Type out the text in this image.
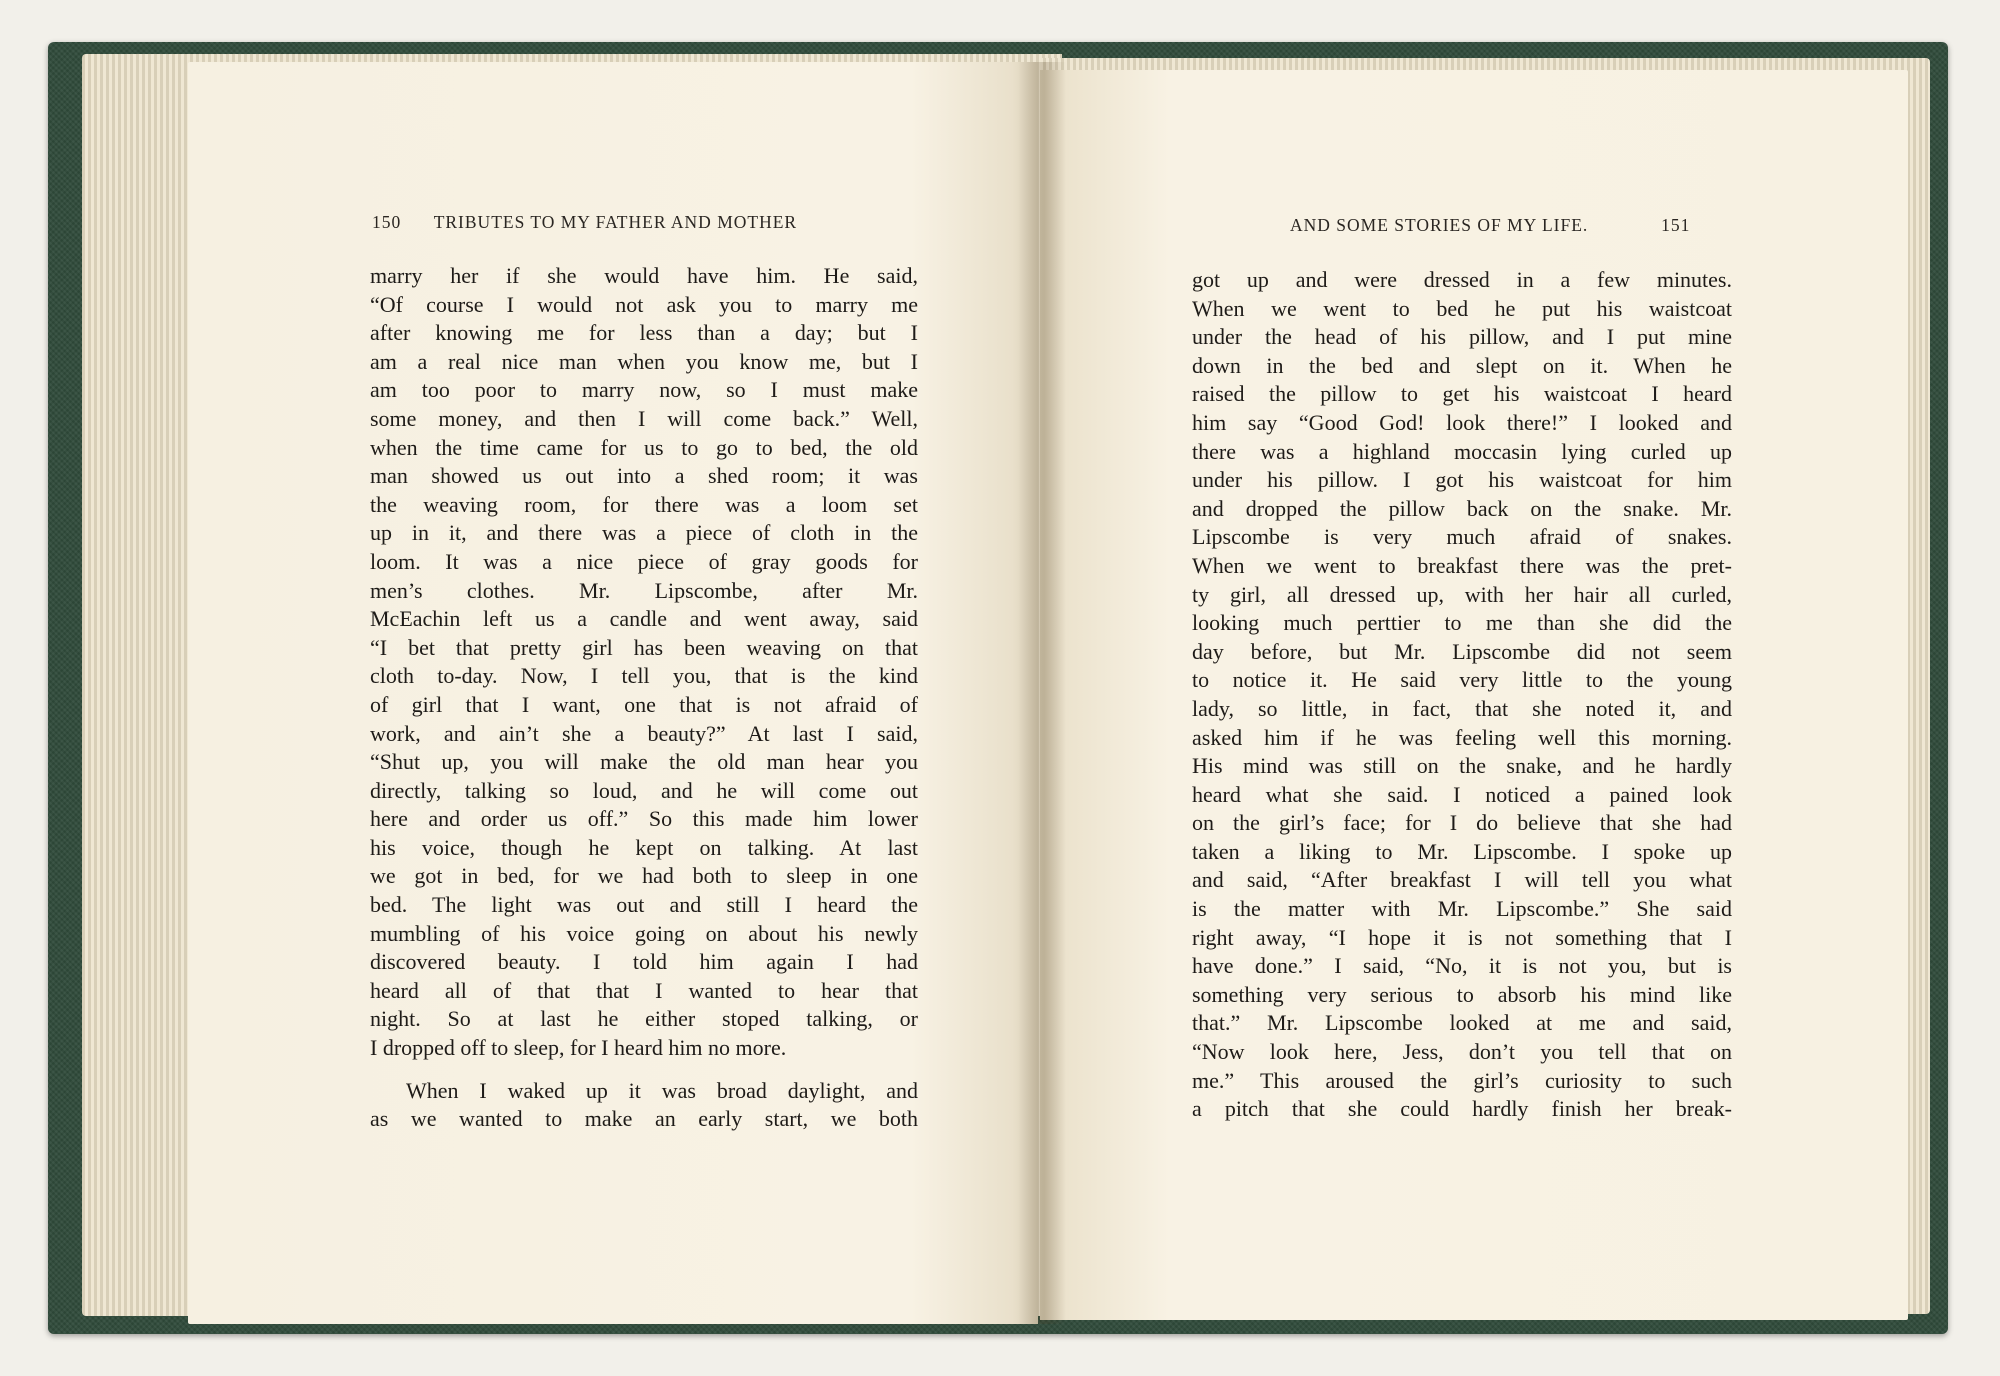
150 TRIBUTES TO MY FATHER AND MOTHER	AND SOME STORIES OF MY LIFE.	151
marry her if she would have him. He said,
“Of course I would not ask you to marry me
after knowing me for less than a day; but I
am a real nice man when you know me, but I
am too poor to marry now, so I must make
some money, and then I will come back.” Well,
when the time came for us to go to bed, the old
man showed us out into a shed room; it was
the weaving room, for there was a loom set
up in it, and there was a piece of cloth in the
loom. It was a nice piece of gray goods for
men’s clothes. Mr. Lipscombe, after Mr.
McEachin left us a candle and went away, said
“I bet that pretty girl has been weaving on that
cloth to-day. Now, I tell you, that is the kind
of girl that I want, one that is not afraid of
work, and ain’t she a beauty?” At last I said,
“Shut up, you will make the old man hear you
directly, talking so loud, and he will come out
here and order us off.” So this made him lower
his voice, though he kept on talking. At last
we got in bed, for we had both to sleep in one
bed. The light was out and still I heard the
mumbling of his voice going on about his newly
discovered beauty. I told him again I had
heard all of that that I wanted to hear that
night. So at last he either stoped talking, or
I dropped off to sleep, for I heard him no more.
When I waked up it was broad daylight, and
as we wanted to make an early start, we both
got up and were dressed in a few minutes.
When we went to bed he put his waistcoat
under the head of his pillow, and I put mine
down in the bed and slept on it. When he
raised the pillow to get his waistcoat I heard
him say “Good God! look there!” I looked and
there was a highland moccasin lying curled up
under his pillow. I got his waistcoat for him
and dropped the pillow back on the snake. Mr.
Lipscombe is very much afraid of snakes.
When we went to breakfast there was the pret-
ty girl, all dressed up, with her hair all curled,
looking much perttier to me than she did the
day before, but Mr. Lipscombe did not seem
to notice it. He said very little to the young
lady, so little, in fact, that she noted it, and
asked him if he was feeling well this morning.
His mind was still on the snake, and he hardly
heard what she said. I noticed a pained look
on the girl’s face; for I do believe that she had
taken a liking to Mr. Lipscombe. I spoke up
and said, “After breakfast I will tell you what
is the matter with Mr. Lipscombe.” She said
right away, “I hope it is not something that I
have done.” I said, “No, it is not you, but is
something very serious to absorb his mind like
that.” Mr. Lipscombe looked at me and said,
“Now look here, Jess, don’t you tell that on
me.” This aroused the girl’s curiosity to such
a pitch that she could hardly finish her break-
